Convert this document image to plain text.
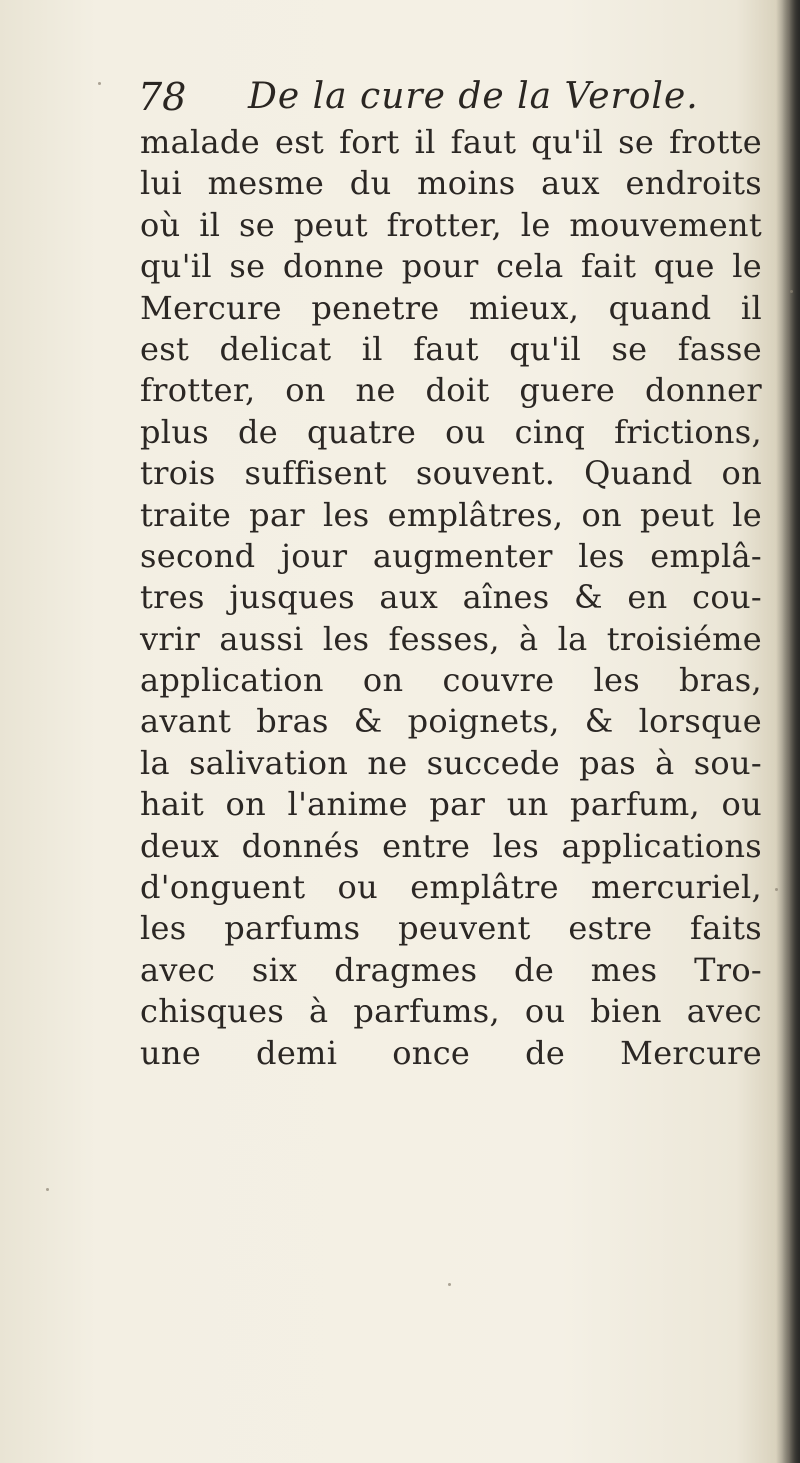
78 De la cure de la Verole.
malade est fort il faut qu'il se frotte
lui mesme du moins aux endroits
où il se peut frotter, le mouvement
qu'il se donne pour cela fait que le
Mercure penetre mieux, quand il
est delicat il faut qu'il se fasse
frotter, on ne doit guere donner
plus de quatre ou cinq frictions,
trois suffisent souvent. Quand on
traite par les emplâtres, on peut le
second jour augmenter les emplâ-
tres jusques aux aînes & en cou-
vrir aussi les fesses, à la troisiéme
application on couvre les bras,
avant bras & poignets, & lorsque
la salivation ne succede pas à sou-
hait on l'anime par un parfum, ou
deux donnés entre les applications
d'onguent ou emplâtre mercuriel,
les parfums peuvent estre faits
avec six dragmes de mes Tro-
chisques à parfums, ou bien avec
une demi once de Mercure
